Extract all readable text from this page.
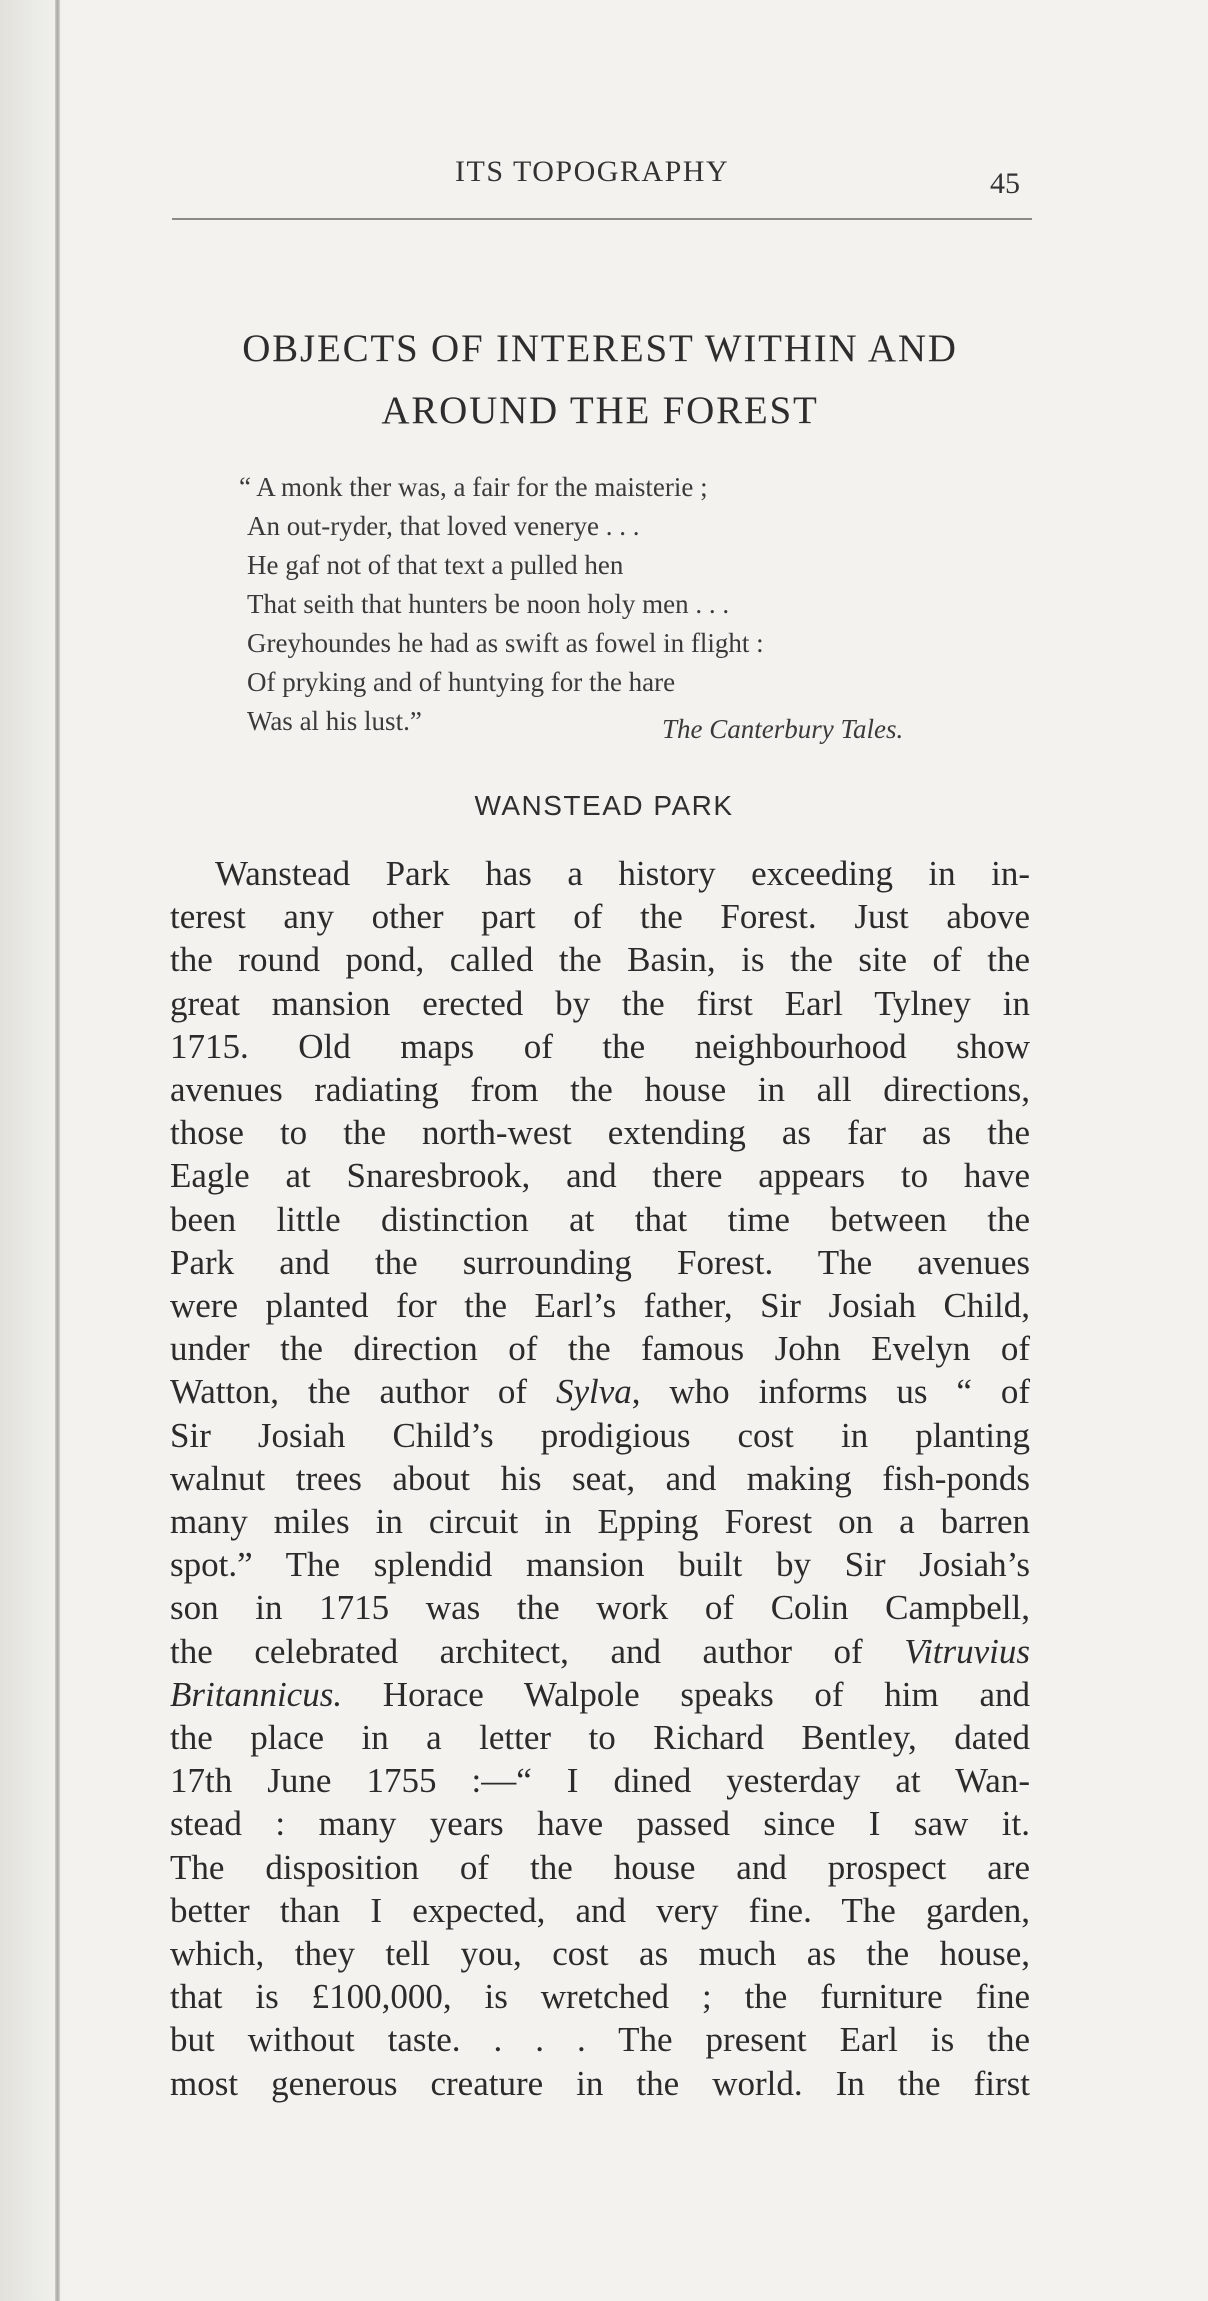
ITS TOPOGRAPHY	45
OBJECTS OF INTEREST WITHIN AND
AROUND THE FOREST
“ A monk ther was, a fair for the maisterie ;
An out-ryder, that loved venerye . . .
He gaf not of that text a pulled hen
That seith that hunters be noon holy men . . .
Greyhoundes he had as swift as fowel in flight :
Of pryking and of huntying for the hare
Was al his lust.”	The Canterbury Tales.
WANSTEAD PARK
Wanstead Park has a history exceeding in in-
terest any other part of the Forest. Just above
the round pond, called the Basin, is the site of the
great mansion erected by the first Earl Tylney in
1715. Old maps of the neighbourhood show
avenues radiating from the house in all directions,
those to the north-west extending as far as the
Eagle at Snaresbrook, and there appears to have
been little distinction at that time between the
Park and the surrounding Forest. The avenues
were planted for the Earl’s father, Sir Josiah Child,
under the direction of the famous John Evelyn of
Watton, the author of Sylva, who informs us “ of
Sir Josiah Child’s prodigious cost in planting
walnut trees about his seat, and making fish-ponds
many miles in circuit in Epping Forest on a barren
spot.” The splendid mansion built by Sir Josiah’s
son in 1715 was the work of Colin Campbell,
the celebrated architect, and author of Vitruvius
Britannicus. Horace Walpole speaks of him and
the place in a letter to Richard Bentley, dated
17th June 1755 :—“ I dined yesterday at Wan-
stead : many years have passed since I saw it.
The disposition of the house and prospect are
better than I expected, and very fine. The garden,
which, they tell you, cost as much as the house,
that is £100,000, is wretched ; the furniture fine
but without taste. . . . The present Earl is the
most generous creature in the world. In the first
